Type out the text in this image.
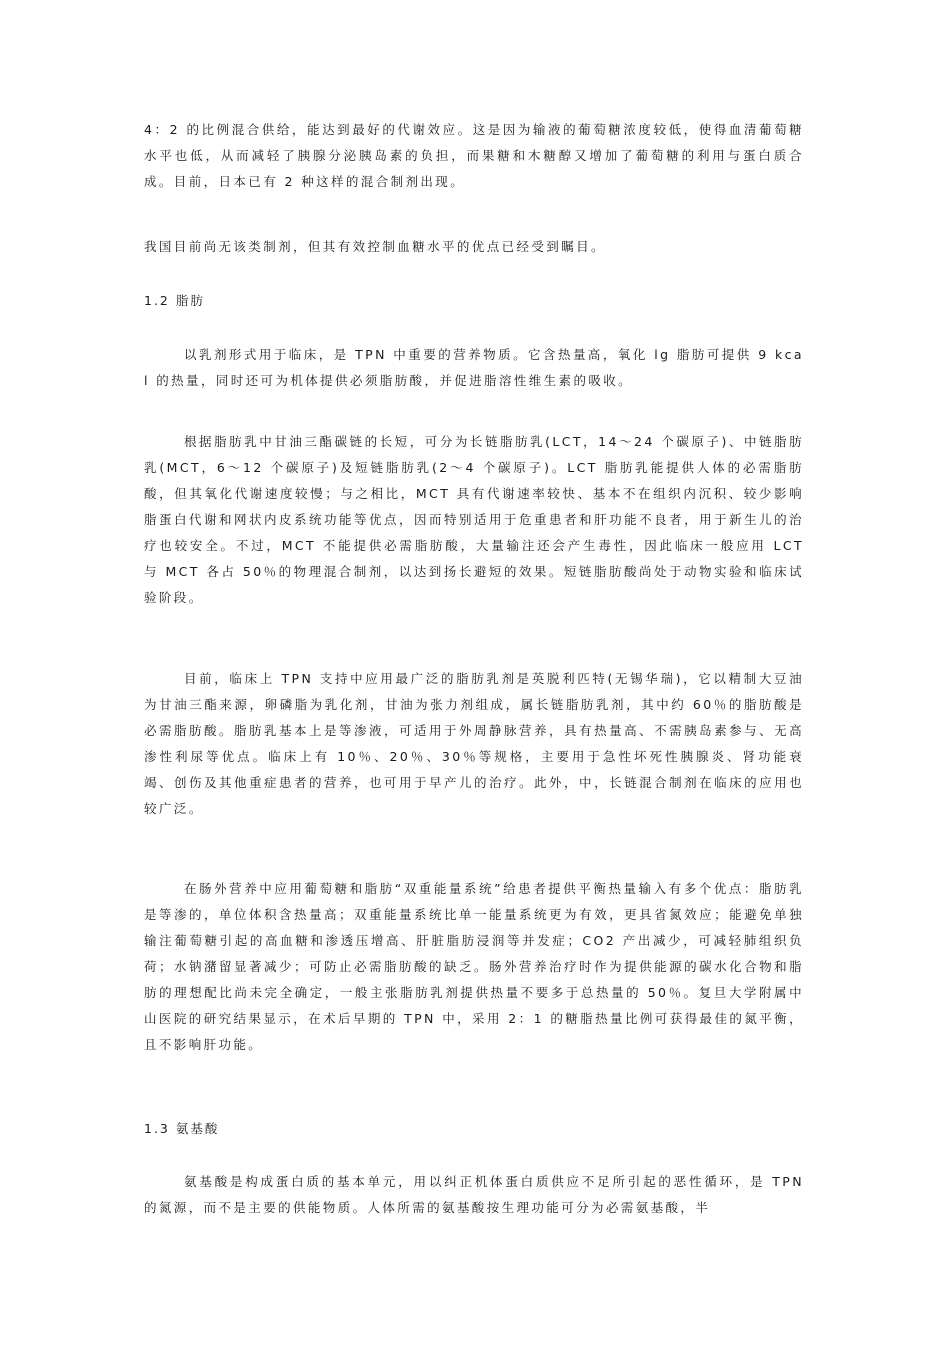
4：2 的比例混合供给，能达到最好的代谢效应。这是因为输液的葡萄糖浓度较低，使得血清葡萄糖水平也低，从而减轻了胰腺分泌胰岛素的负担，而果糖和木糖醇又增加了葡萄糖的利用与蛋白质合成。目前，日本已有 2 种这样的混合制剂出现。

我国目前尚无该类制剂，但其有效控制血糖水平的优点已经受到瞩目。

1.2 脂肪

以乳剂形式用于临床，是 TPN 中重要的营养物质。它含热量高，氧化 lg 脂肪可提供 9 kcal 的热量，同时还可为机体提供必须脂肪酸，并促进脂溶性维生素的吸收。

根据脂肪乳中甘油三酯碳链的长短，可分为长链脂肪乳(LCT，14～24 个碳原子)、中链脂肪乳(MCT，6～12 个碳原子)及短链脂肪乳(2～4 个碳原子)。LCT 脂肪乳能提供人体的必需脂肪酸，但其氧化代谢速度较慢；与之相比，MCT 具有代谢速率较快、基本不在组织内沉积、较少影响脂蛋白代谢和网状内皮系统功能等优点，因而特别适用于危重患者和肝功能不良者，用于新生儿的治疗也较安全。不过，MCT 不能提供必需脂肪酸，大量输注还会产生毒性，因此临床一般应用 LCT 与 MCT 各占 50％的物理混合制剂，以达到扬长避短的效果。短链脂肪酸尚处于动物实验和临床试验阶段。

目前，临床上 TPN 支持中应用最广泛的脂肪乳剂是英脱利匹特(无锡华瑞)，它以精制大豆油为甘油三酯来源，卵磷脂为乳化剂，甘油为张力剂组成，属长链脂肪乳剂，其中约 60％的脂肪酸是必需脂肪酸。脂肪乳基本上是等渗液，可适用于外周静脉营养，具有热量高、不需胰岛素参与、无高渗性利尿等优点。临床上有 10％、20％、30％等规格，主要用于急性坏死性胰腺炎、肾功能衰竭、创伤及其他重症患者的营养，也可用于早产儿的治疗。此外，中，长链混合制剂在临床的应用也较广泛。

在肠外营养中应用葡萄糖和脂肪“双重能量系统”给患者提供平衡热量输入有多个优点：脂肪乳是等渗的，单位体积含热量高；双重能量系统比单一能量系统更为有效，更具省氮效应；能避免单独输注葡萄糖引起的高血糖和渗透压增高、肝脏脂肪浸润等并发症；CO2 产出减少，可减轻肺组织负荷；水钠潴留显著减少；可防止必需脂肪酸的缺乏。肠外营养治疗时作为提供能源的碳水化合物和脂肪的理想配比尚未完全确定，一般主张脂肪乳剂提供热量不要多于总热量的 50％。复旦大学附属中山医院的研究结果显示，在术后早期的 TPN 中，采用 2：1 的糖脂热量比例可获得最佳的氮平衡，且不影响肝功能。

1.3 氨基酸

氨基酸是构成蛋白质的基本单元，用以纠正机体蛋白质供应不足所引起的恶性循环，是 TPN 的氮源，而不是主要的供能物质。人体所需的氨基酸按生理功能可分为必需氨基酸，半
